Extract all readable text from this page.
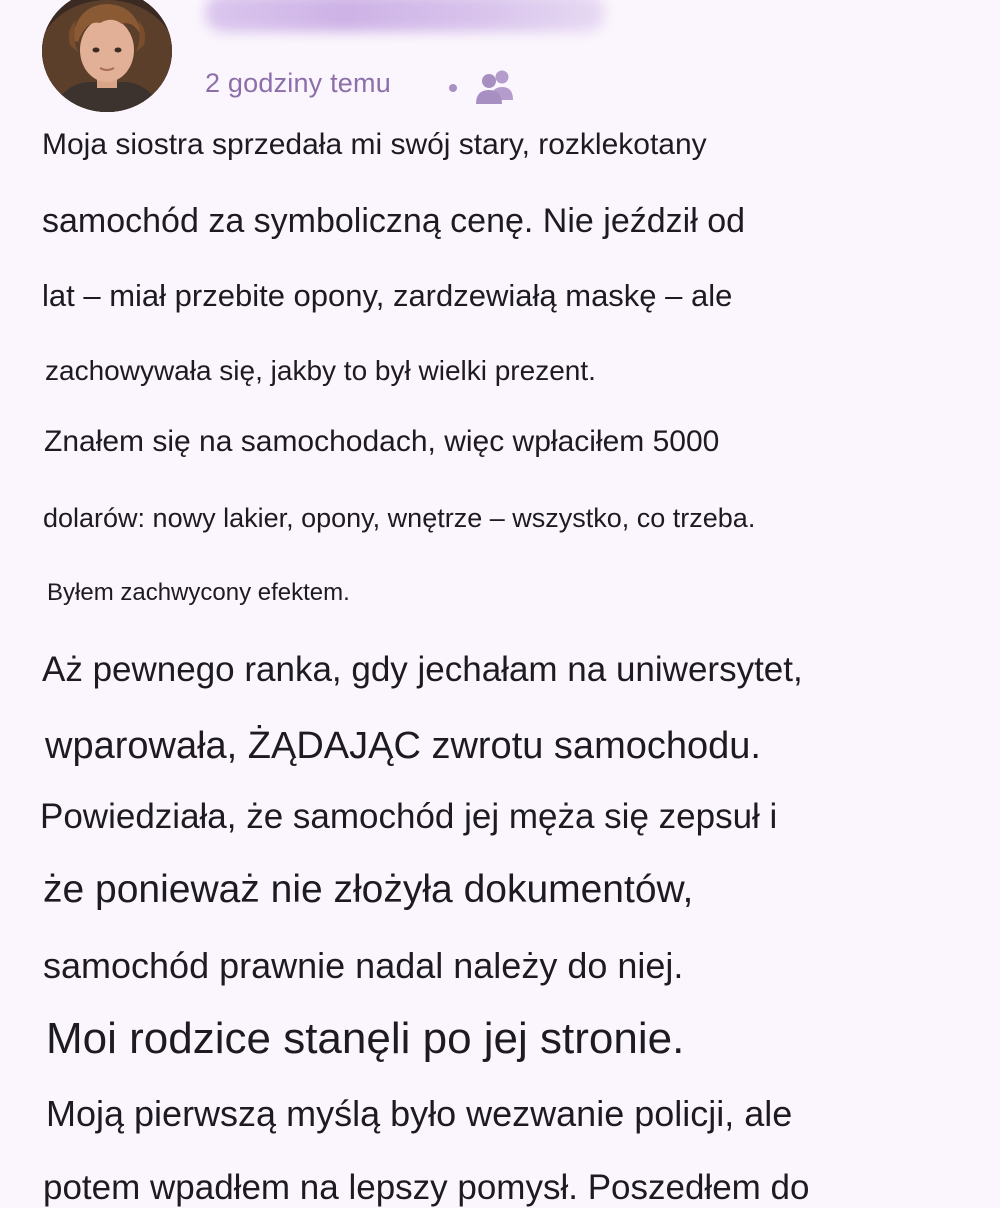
2 godziny temu
Moja siostra sprzedała mi swój stary, rozklekotany
samochód za symboliczną cenę. Nie jeździł od
lat – miał przebite opony, zardzewiałą maskę – ale
zachowywała się, jakby to był wielki prezent.
Znałem się na samochodach, więc wpłaciłem 5000
dolarów: nowy lakier, opony, wnętrze – wszystko, co trzeba.
Byłem zachwycony efektem.
Aż pewnego ranka, gdy jechałam na uniwersytet,
wparowała, ŻĄDAJĄC zwrotu samochodu.
Powiedziała, że samochód jej męża się zepsuł i
że ponieważ nie złożyła dokumentów,
samochód prawnie nadal należy do niej.
Moi rodzice stanęli po jej stronie.
Moją pierwszą myślą było wezwanie policji, ale
potem wpadłem na lepszy pomysł. Poszedłem do
